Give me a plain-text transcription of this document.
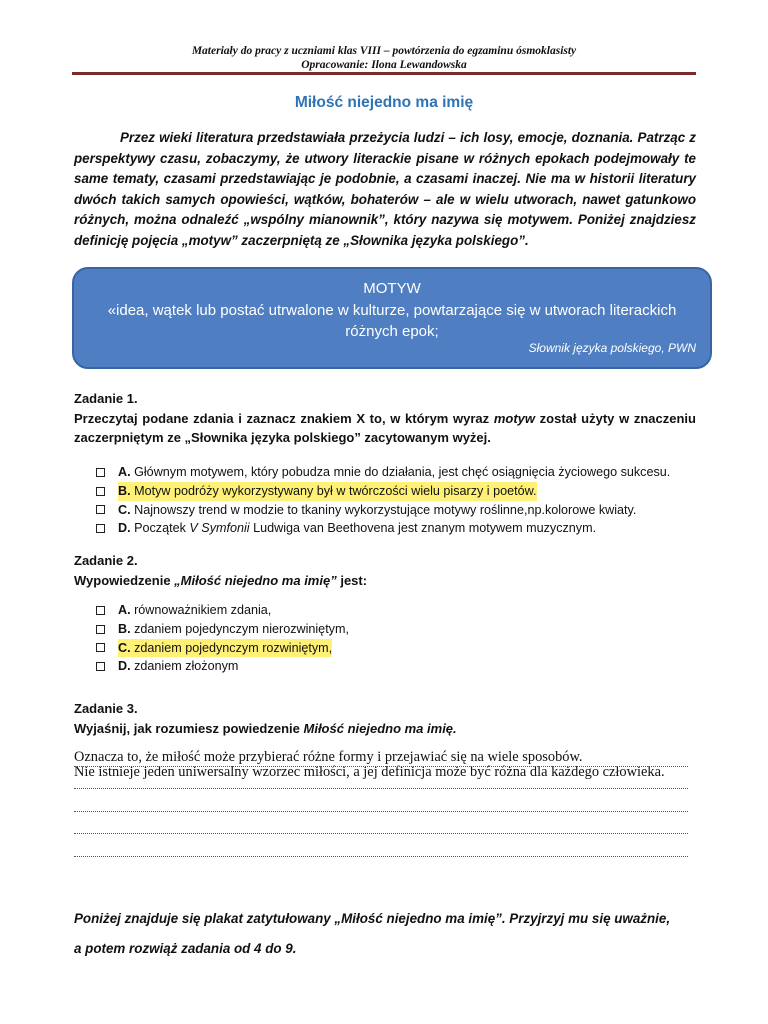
Materiały do pracy z uczniami klas VIII – powtórzenia do egzaminu ósmoklasisty
Opracowanie: Ilona Lewandowska
Miłość niejedno ma imię
Przez wieki literatura przedstawiała przeżycia ludzi – ich losy, emocje, doznania. Patrząc z perspektywy czasu, zobaczymy, że utwory literackie pisane w różnych epokach podejmowały te same tematy, czasami przedstawiając je podobnie, a czasami inaczej. Nie ma w historii literatury dwóch takich samych opowieści, wątków, bohaterów – ale w wielu utworach, nawet gatunkowo różnych, można odnaleźć „wspólny mianownik”, który nazywa się motywem. Poniżej znajdziesz definicję pojęcia „motyw” zaczerpniętą ze „Słownika języka polskiego”.
MOTYW
«idea, wątek lub postać utrwalone w kulturze, powtarzające się w utworach literackich różnych epok;
Słownik języka polskiego, PWN
Zadanie 1.
Przeczytaj podane zdania i zaznacz znakiem X to, w którym wyraz motyw został użyty w znaczeniu zaczerpniętym ze „Słownika języka polskiego” zacytowanym wyżej.
A. Głównym motywem, który pobudza mnie do działania, jest chęć osiągnięcia życiowego sukcesu.
B. Motyw podróży wykorzystywany był w twórczości wielu pisarzy i poetów.
C. Najnowszy trend w modzie to tkaniny wykorzystujące motywy roślinne,np.kolorowe kwiaty.
D. Początek V Symfonii Ludwiga van Beethovena jest znanym motywem muzycznym.
Zadanie 2.
Wypowiedzenie „Miłość niejedno ma imię” jest:
A. równoważnikiem zdania,
B. zdaniem pojedynczym nierozwiniętym,
C. zdaniem pojedynczym rozwiniętym,
D. zdaniem złożonym
Zadanie 3.
Wyjaśnij, jak rozumiesz powiedzenie Miłość niejedno ma imię.
Oznacza to, że miłość może przybierać różne formy i przejawiać się na wiele sposobów.
Nie istnieje jeden uniwersalny wzorzec miłości, a jej definicja może być różna dla każdego człowieka.
Poniżej znajduje się plakat zatytułowany „Miłość niejedno ma imię”. Przyjrzyj mu się uważnie,
a potem rozwiąż zadania od 4 do 9.
